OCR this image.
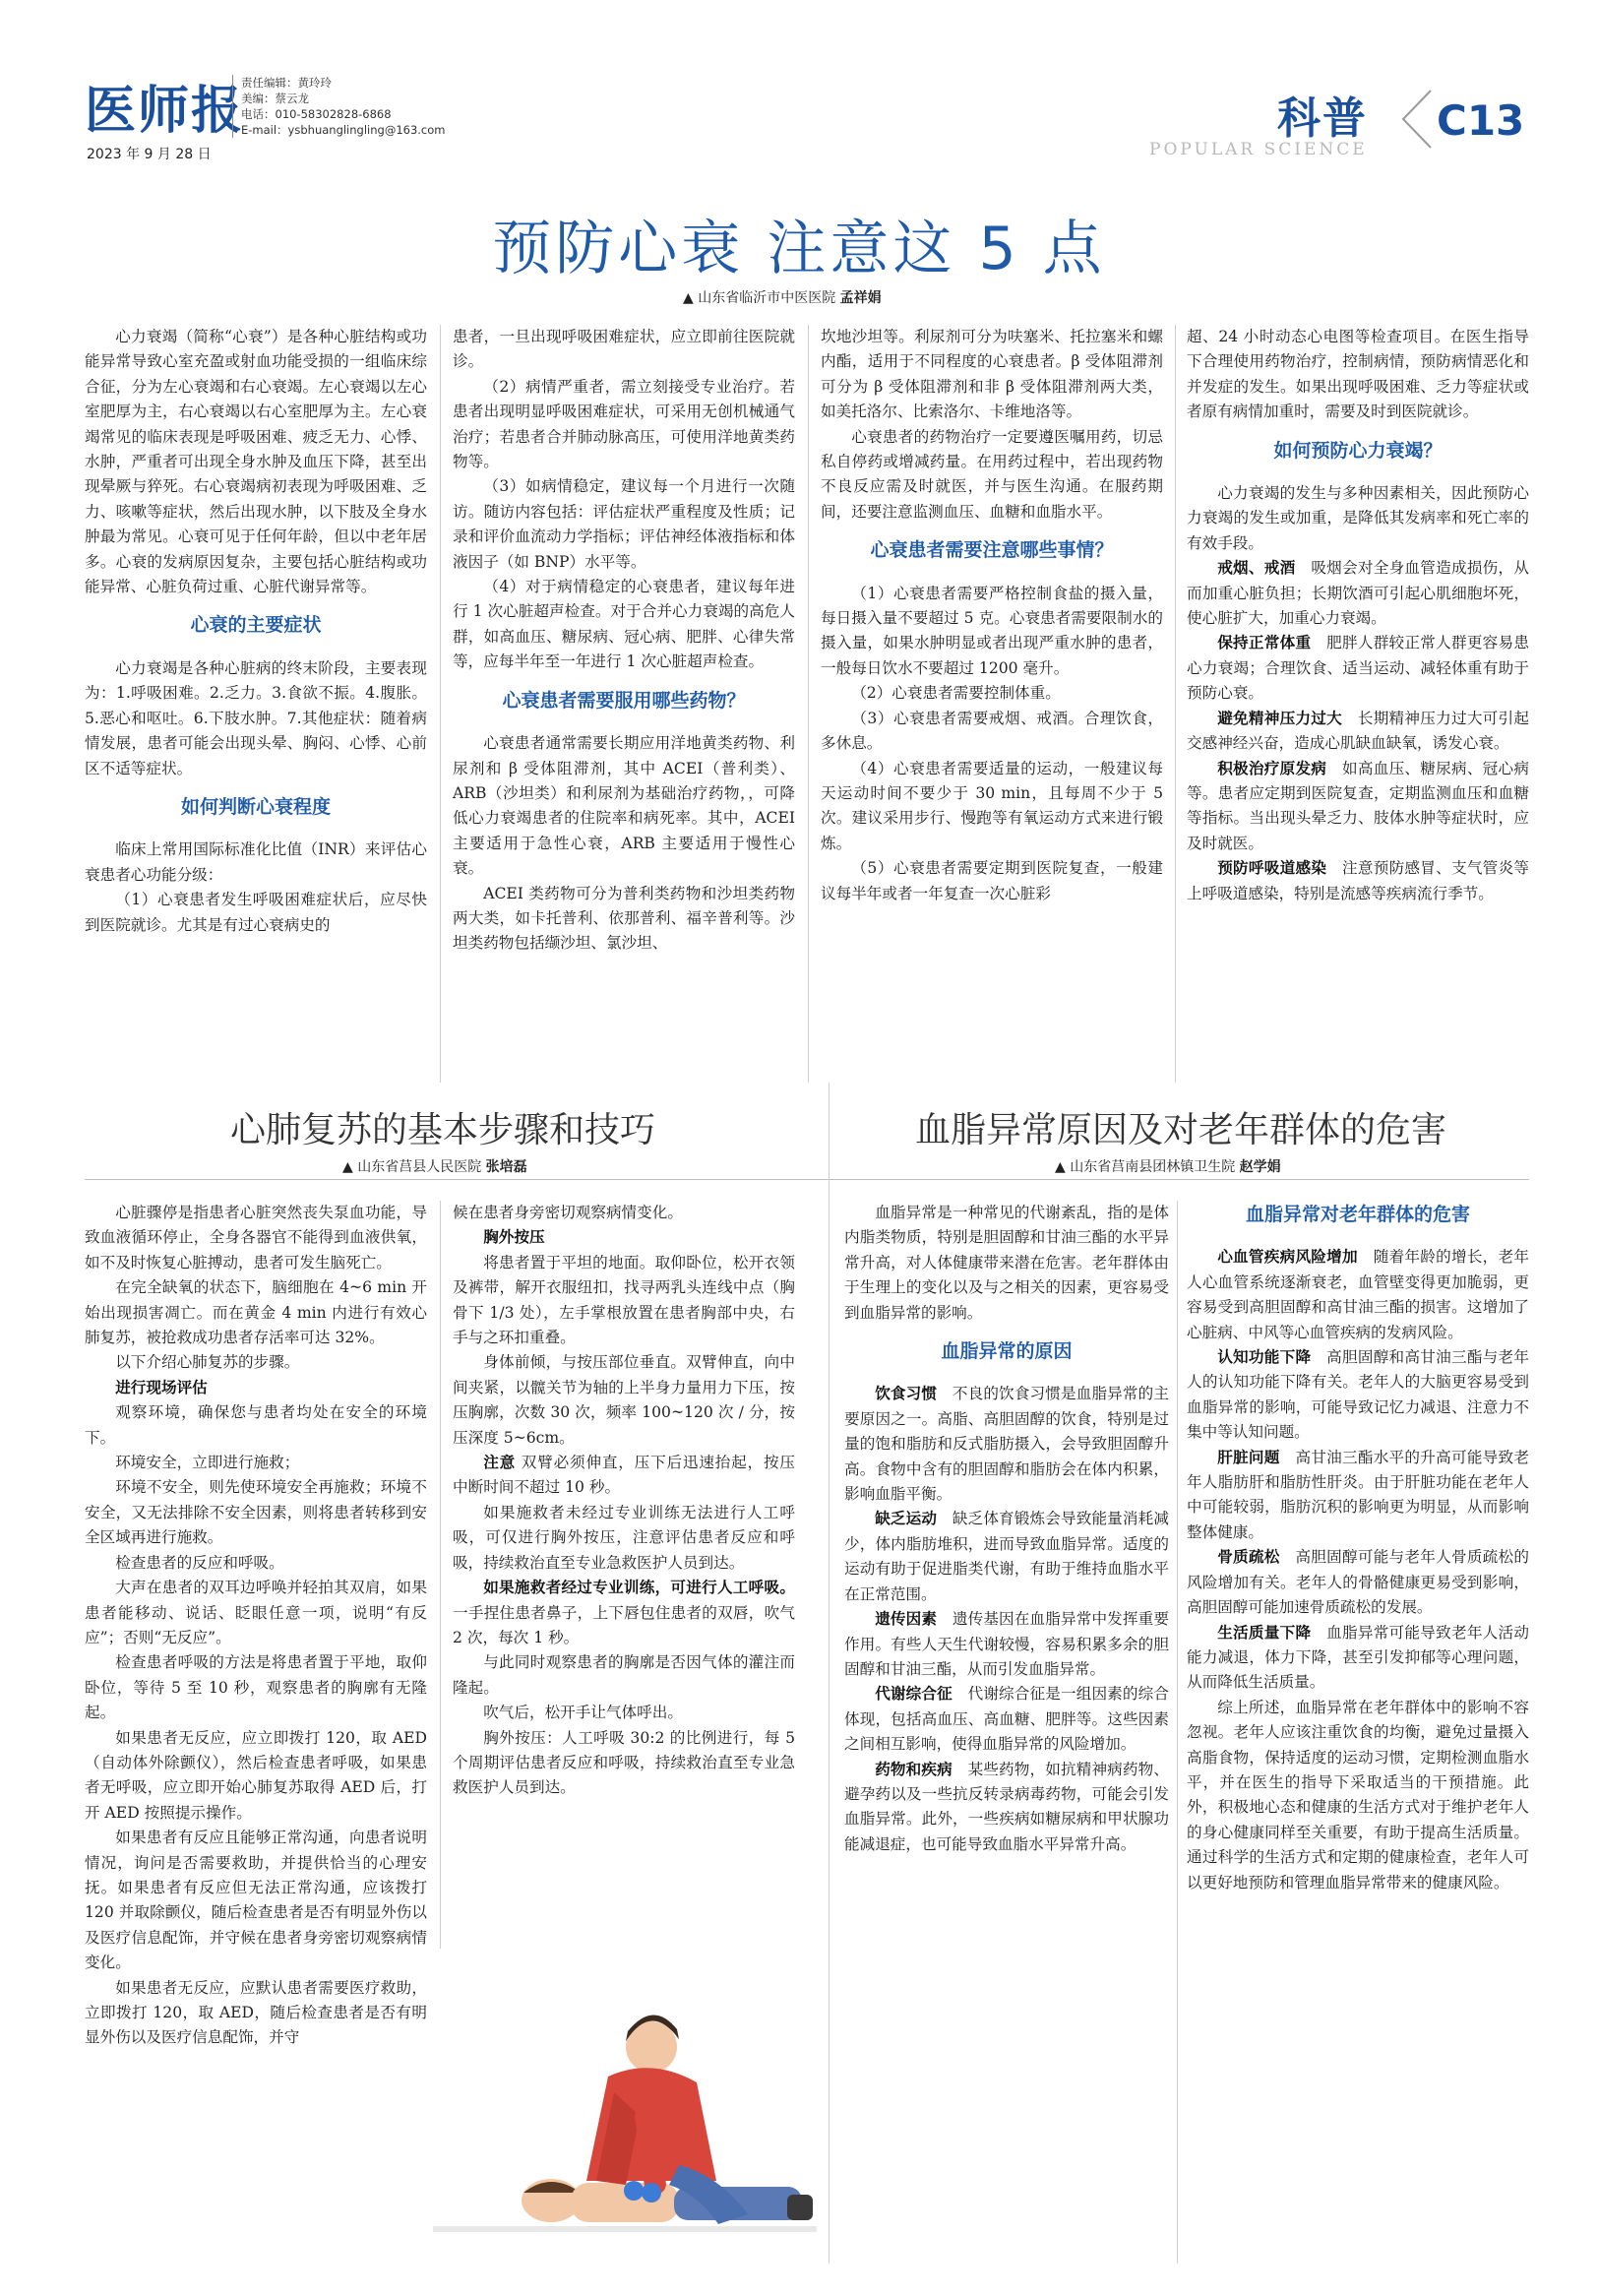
医师报
2023 年 9 月 28 日
责任编辑：黄玲玲
美编：蔡云龙
电话：010-58302828-6868
E-mail：ysbhuanglingling@163.com	科普
POPULAR SCIENCE
C13
预防心衰 注意这 5 点
▲ 山东省临沂市中医医院 孟祥娟

心力衰竭（简称“心衰”）是各种心脏结构或功能异常导致心室充盈或射血功能受损的一组临床综合征，分为左心衰竭和右心衰竭。左心衰竭以左心室肥厚为主，右心衰竭以右心室肥厚为主。左心衰竭常见的临床表现是呼吸困难、疲乏无力、心悸、水肿，严重者可出现全身水肿及血压下降，甚至出现晕厥与猝死。右心衰竭病初表现为呼吸困难、乏力、咳嗽等症状，然后出现水肿，以下肢及全身水肿最为常见。心衰可见于任何年龄，但以中老年居多。心衰的发病原因复杂，主要包括心脏结构或功能异常、心脏负荷过重、心脏代谢异常等。

心衰的主要症状

心力衰竭是各种心脏病的终末阶段，主要表现为：1.呼吸困难。2.乏力。3.食欲不振。4.腹胀。5.恶心和呕吐。6.下肢水肿。7.其他症状：随着病情发展，患者可能会出现头晕、胸闷、心悸、心前区不适等症状。

如何判断心衰程度

临床上常用国际标准化比值（INR）来评估心衰患者心功能分级：

（1）心衰患者发生呼吸困难症状后，应尽快到医院就诊。尤其是有过心衰病史的

患者，一旦出现呼吸困难症状，应立即前往医院就诊。

（2）病情严重者，需立刻接受专业治疗。若患者出现明显呼吸困难症状，可采用无创机械通气治疗；若患者合并肺动脉高压，可使用洋地黄类药物等。

（3）如病情稳定，建议每一个月进行一次随访。随访内容包括：评估症状严重程度及性质；记录和评价血流动力学指标；评估神经体液指标和体液因子（如 BNP）水平等。

（4）对于病情稳定的心衰患者，建议每年进行 1 次心脏超声检查。对于合并心力衰竭的高危人群，如高血压、糖尿病、冠心病、肥胖、心律失常等，应每半年至一年进行 1 次心脏超声检查。

心衰患者需要服用哪些药物？

心衰患者通常需要长期应用洋地黄类药物、利尿剂和 β 受体阻滞剂，其中 ACEI（普利类）、ARB（沙坦类）和利尿剂为基础治疗药物，，可降低心力衰竭患者的住院率和病死率。其中，ACEI 主要适用于急性心衰，ARB 主要适用于慢性心衰。

ACEI 类药物可分为普利类药物和沙坦类药物两大类，如卡托普利、依那普利、福辛普利等。沙坦类药物包括缬沙坦、氯沙坦、

坎地沙坦等。利尿剂可分为呋塞米、托拉塞米和螺内酯，适用于不同程度的心衰患者。β 受体阻滞剂可分为 β 受体阻滞剂和非 β 受体阻滞剂两大类，如美托洛尔、比索洛尔、卡维地洛等。

心衰患者的药物治疗一定要遵医嘱用药，切忌私自停药或增减药量。在用药过程中，若出现药物不良反应需及时就医，并与医生沟通。在服药期间，还要注意监测血压、血糖和血脂水平。

心衰患者需要注意哪些事情？

（1）心衰患者需要严格控制食盐的摄入量，每日摄入量不要超过 5 克。心衰患者需要限制水的摄入量，如果水肿明显或者出现严重水肿的患者，一般每日饮水不要超过 1200 毫升。

（2）心衰患者需要控制体重。

（3）心衰患者需要戒烟、戒酒。合理饮食，多休息。

（4）心衰患者需要适量的运动，一般建议每天运动时间不要少于 30 min，且每周不少于 5 次。建议采用步行、慢跑等有氧运动方式来进行锻炼。

（5）心衰患者需要定期到医院复查，一般建议每半年或者一年复查一次心脏彩

超、24 小时动态心电图等检查项目。在医生指导下合理使用药物治疗，控制病情，预防病情恶化和并发症的发生。如果出现呼吸困难、乏力等症状或者原有病情加重时，需要及时到医院就诊。

如何预防心力衰竭？

心力衰竭的发生与多种因素相关，因此预防心力衰竭的发生或加重，是降低其发病率和死亡率的有效手段。

戒烟、戒酒　 吸烟会对全身血管造成损伤，从而加重心脏负担；长期饮酒可引起心肌细胞坏死，使心脏扩大，加重心力衰竭。

保持正常体重　 肥胖人群较正常人群更容易患心力衰竭；合理饮食、适当运动、减轻体重有助于预防心衰。

避免精神压力过大　 长期精神压力过大可引起交感神经兴奋，造成心肌缺血缺氧，诱发心衰。

积极治疗原发病　 如高血压、糖尿病、冠心病等。患者应定期到医院复查，定期监测血压和血糖等指标。当出现头晕乏力、肢体水肿等症状时，应及时就医。

预防呼吸道感染　 注意预防感冒、支气管炎等上呼吸道感染，特别是流感等疾病流行季节。

心肺复苏的基本步骤和技巧
▲ 山东省莒县人民医院 张培磊

心脏骤停是指患者心脏突然丧失泵血功能，导致血液循环停止，全身各器官不能得到血液供氧，如不及时恢复心脏搏动，患者可发生脑死亡。

在完全缺氧的状态下，脑细胞在 4~6 min 开始出现损害凋亡。而在黄金 4 min 内进行有效心肺复苏，被抢救成功患者存活率可达 32%。

以下介绍心肺复苏的步骤。

进行现场评估

观察环境，确保您与患者均处在安全的环境下。

环境安全，立即进行施救；

环境不安全，则先使环境安全再施救；环境不安全，又无法排除不安全因素，则将患者转移到安全区域再进行施救。

检查患者的反应和呼吸。

大声在患者的双耳边呼唤并轻拍其双肩，如果患者能移动、说话、眨眼任意一项，说明“有反应”；否则“无反应”。

检查患者呼吸的方法是将患者置于平地，取仰卧位，等待 5 至 10 秒，观察患者的胸廓有无隆起。

如果患者无反应，应立即拨打 120，取 AED（自动体外除颤仪），然后检查患者呼吸，如果患者无呼吸，应立即开始心肺复苏取得 AED 后，打开 AED 按照提示操作。

如果患者有反应且能够正常沟通，向患者说明情况，询问是否需要救助，并提供恰当的心理安抚。如果患者有反应但无法正常沟通，应该拨打 120 并取除颤仪，随后检查患者是否有明显外伤以及医疗信息配饰，并守候在患者身旁密切观察病情变化。

如果患者无反应，应默认患者需要医疗救助，立即拨打 120，取 AED，随后检查患者是否有明显外伤以及医疗信息配饰，并守

候在患者身旁密切观察病情变化。

胸外按压

将患者置于平坦的地面。取仰卧位，松开衣领及裤带，解开衣服纽扣，找寻两乳头连线中点（胸骨下 1/3 处），左手掌根放置在患者胸部中央，右手与之环扣重叠。

身体前倾，与按压部位垂直。双臂伸直，向中间夹紧，以髋关节为轴的上半身力量用力下压，按压胸廓，次数 30 次，频率 100~120 次 / 分，按压深度 5~6cm。

注意 双臂必须伸直，压下后迅速抬起，按压中断时间不超过 10 秒。

如果施救者未经过专业训练无法进行人工呼吸，可仅进行胸外按压，注意评估患者反应和呼吸，持续救治直至专业急救医护人员到达。

如果施救者经过专业训练，可进行人工呼吸。一手捏住患者鼻子，上下唇包住患者的双唇，吹气 2 次，每次 1 秒。

与此同时观察患者的胸廓是否因气体的灌注而隆起。

吹气后，松开手让气体呼出。

胸外按压：人工呼吸 30:2 的比例进行，每 5 个周期评估患者反应和呼吸，持续救治直至专业急救医护人员到达。

血脂异常原因及对老年群体的危害
▲ 山东省莒南县团林镇卫生院 赵学娟

血脂异常是一种常见的代谢紊乱，指的是体内脂类物质，特别是胆固醇和甘油三酯的水平异常升高，对人体健康带来潜在危害。老年群体由于生理上的变化以及与之相关的因素，更容易受到血脂异常的影响。

血脂异常的原因

饮食习惯　 不良的饮食习惯是血脂异常的主要原因之一。高脂、高胆固醇的饮食，特别是过量的饱和脂肪和反式脂肪摄入，会导致胆固醇升高。食物中含有的胆固醇和脂肪会在体内积累，影响血脂平衡。

缺乏运动　 缺乏体育锻炼会导致能量消耗减少，体内脂肪堆积，进而导致血脂异常。适度的运动有助于促进脂类代谢，有助于维持血脂水平在正常范围。

遗传因素　 遗传基因在血脂异常中发挥重要作用。有些人天生代谢较慢，容易积累多余的胆固醇和甘油三酯，从而引发血脂异常。

代谢综合征　 代谢综合征是一组因素的综合体现，包括高血压、高血糖、肥胖等。这些因素之间相互影响，使得血脂异常的风险增加。

药物和疾病　 某些药物，如抗精神病药物、避孕药以及一些抗反转录病毒药物，可能会引发血脂异常。此外，一些疾病如糖尿病和甲状腺功能减退症，也可能导致血脂水平异常升高。

血脂异常对老年群体的危害

心血管疾病风险增加　 随着年龄的增长，老年人心血管系统逐渐衰老，血管壁变得更加脆弱，更容易受到高胆固醇和高甘油三酯的损害。这增加了心脏病、中风等心血管疾病的发病风险。

认知功能下降　 高胆固醇和高甘油三酯与老年人的认知功能下降有关。老年人的大脑更容易受到血脂异常的影响，可能导致记忆力减退、注意力不集中等认知问题。

肝脏问题　 高甘油三酯水平的升高可能导致老年人脂肪肝和脂肪性肝炎。由于肝脏功能在老年人中可能较弱，脂肪沉积的影响更为明显，从而影响整体健康。

骨质疏松　 高胆固醇可能与老年人骨质疏松的风险增加有关。老年人的骨骼健康更易受到影响，高胆固醇可能加速骨质疏松的发展。

生活质量下降　 血脂异常可能导致老年人活动能力减退，体力下降，甚至引发抑郁等心理问题，从而降低生活质量。

综上所述，血脂异常在老年群体中的影响不容忽视。老年人应该注重饮食的均衡，避免过量摄入高脂食物，保持适度的运动习惯，定期检测血脂水平，并在医生的指导下采取适当的干预措施。此外，积极地心态和健康的生活方式对于维护老年人的身心健康同样至关重要，有助于提高生活质量。通过科学的生活方式和定期的健康检查，老年人可以更好地预防和管理血脂异常带来的健康风险。
